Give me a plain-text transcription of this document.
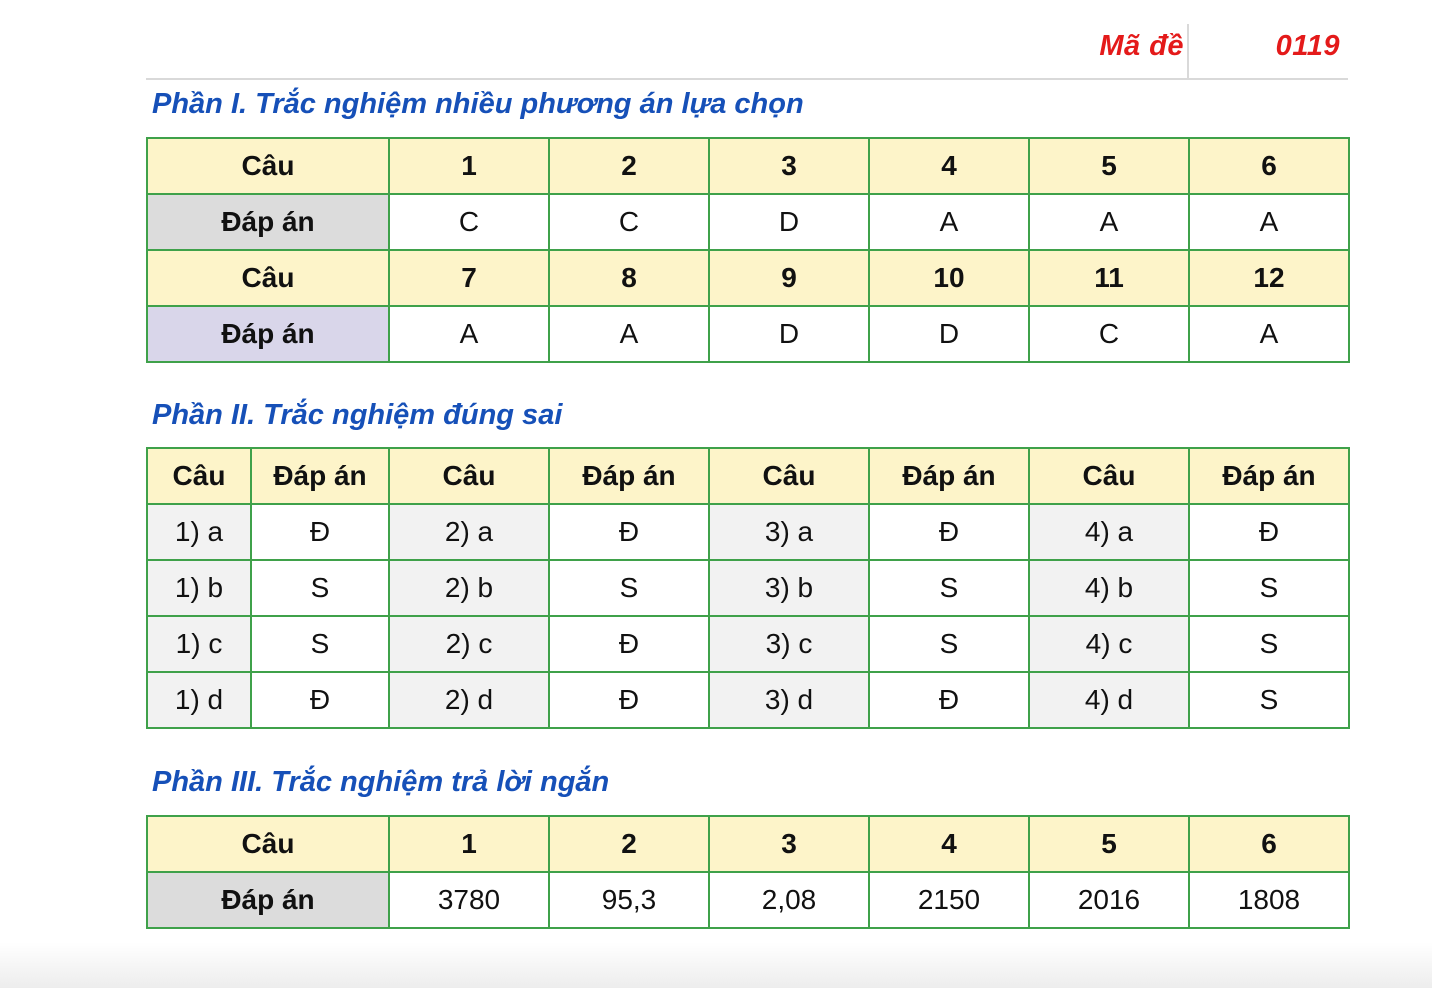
Mã đề	0119
Phần I. Trắc nghiệm nhiều phương án lựa chọn
Câu	1	2	3	4	5	6
Đáp án	C	C	D	A	A	A
Câu	7	8	9	10	11	12
Đáp án	A	A	D	D	C	A
Phần II. Trắc nghiệm đúng sai
Câu	Đáp án	Câu	Đáp án	Câu	Đáp án	Câu	Đáp án
1) a	Đ	2) a	Đ	3) a	Đ	4) a	Đ
1) b	S	2) b	S	3) b	S	4) b	S
1) c	S	2) c	Đ	3) c	S	4) c	S
1) d	Đ	2) d	Đ	3) d	Đ	4) d	S
Phần III. Trắc nghiệm trả lời ngắn
Câu	1	2	3	4	5	6
Đáp án	3780	95,3	2,08	2150	2016	1808
